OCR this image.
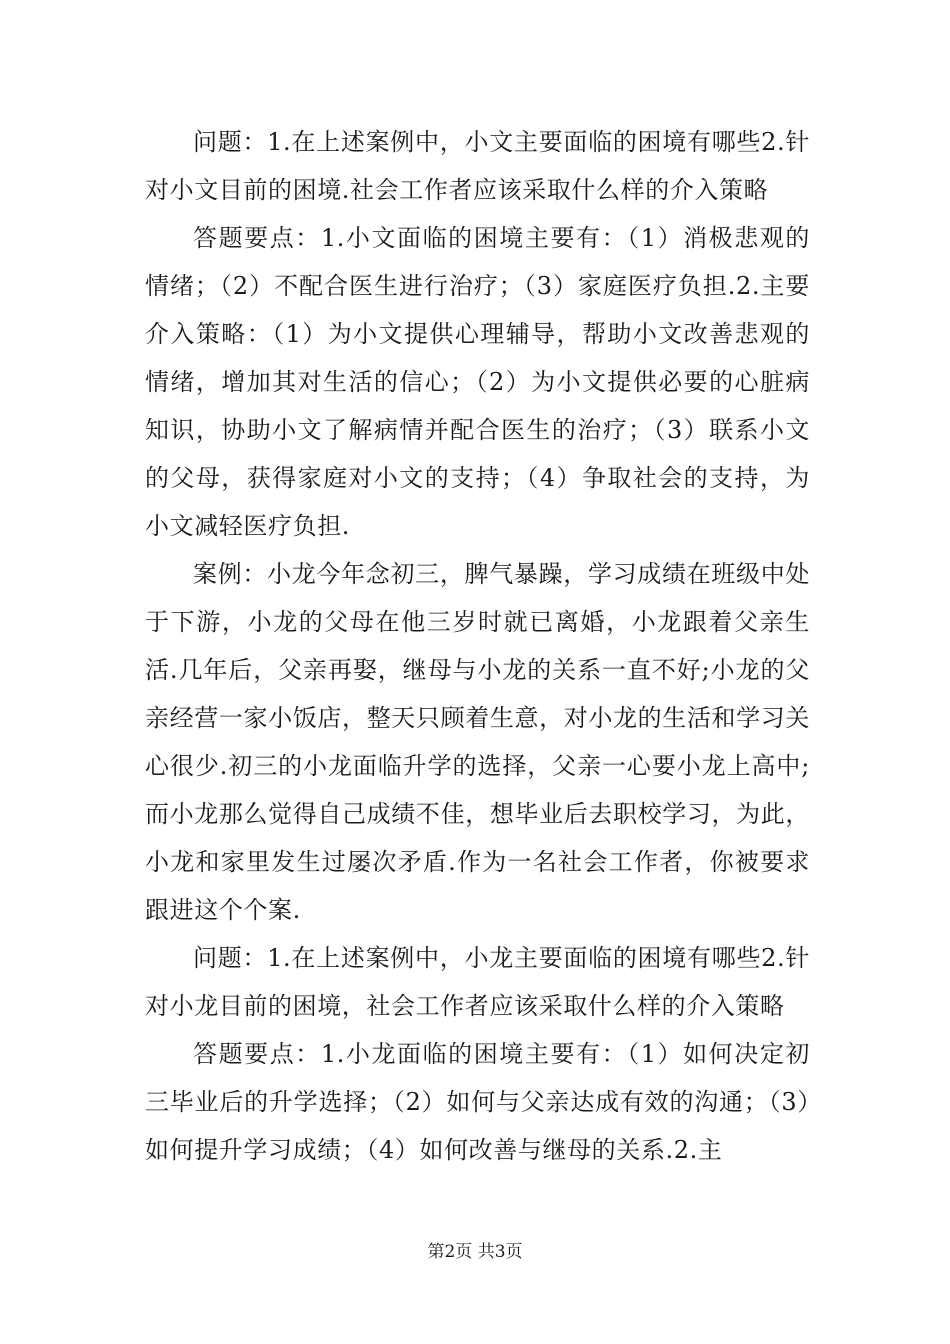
问题：1.在上述案例中，小文主要面临的困境有哪些2.针对小文目前的困境.社会工作者应该采取什么样的介入策略

答题要点：1.小文面临的困境主要有：（1）消极悲观的情绪；（2）不配合医生进行治疗；（3）家庭医疗负担.2.主要介入策略：（1）为小文提供心理辅导，帮助小文改善悲观的情绪，增加其对生活的信心；（2）为小文提供必要的心脏病知识，协助小文了解病情并配合医生的治疗；（3）联系小文的父母，获得家庭对小文的支持；（4）争取社会的支持，为小文减轻医疗负担.

案例：小龙今年念初三，脾气暴躁，学习成绩在班级中处于下游，小龙的父母在他三岁时就已离婚，小龙跟着父亲生活.几年后，父亲再娶，继母与小龙的关系一直不好;小龙的父亲经营一家小饭店，整天只顾着生意，对小龙的生活和学习关心很少.初三的小龙面临升学的选择，父亲一心要小龙上高中;而小龙那么觉得自己成绩不佳，想毕业后去职校学习，为此，小龙和家里发生过屡次矛盾.作为一名社会工作者，你被要求跟进这个个案.

问题：1.在上述案例中，小龙主要面临的困境有哪些2.针对小龙目前的困境，社会工作者应该采取什么样的介入策略

答题要点：1.小龙面临的困境主要有：（1）如何决定初三毕业后的升学选择；（2）如何与父亲达成有效的沟通；（3）如何提升学习成绩；（4）如何改善与继母的关系.2.主

第2页 共3页
